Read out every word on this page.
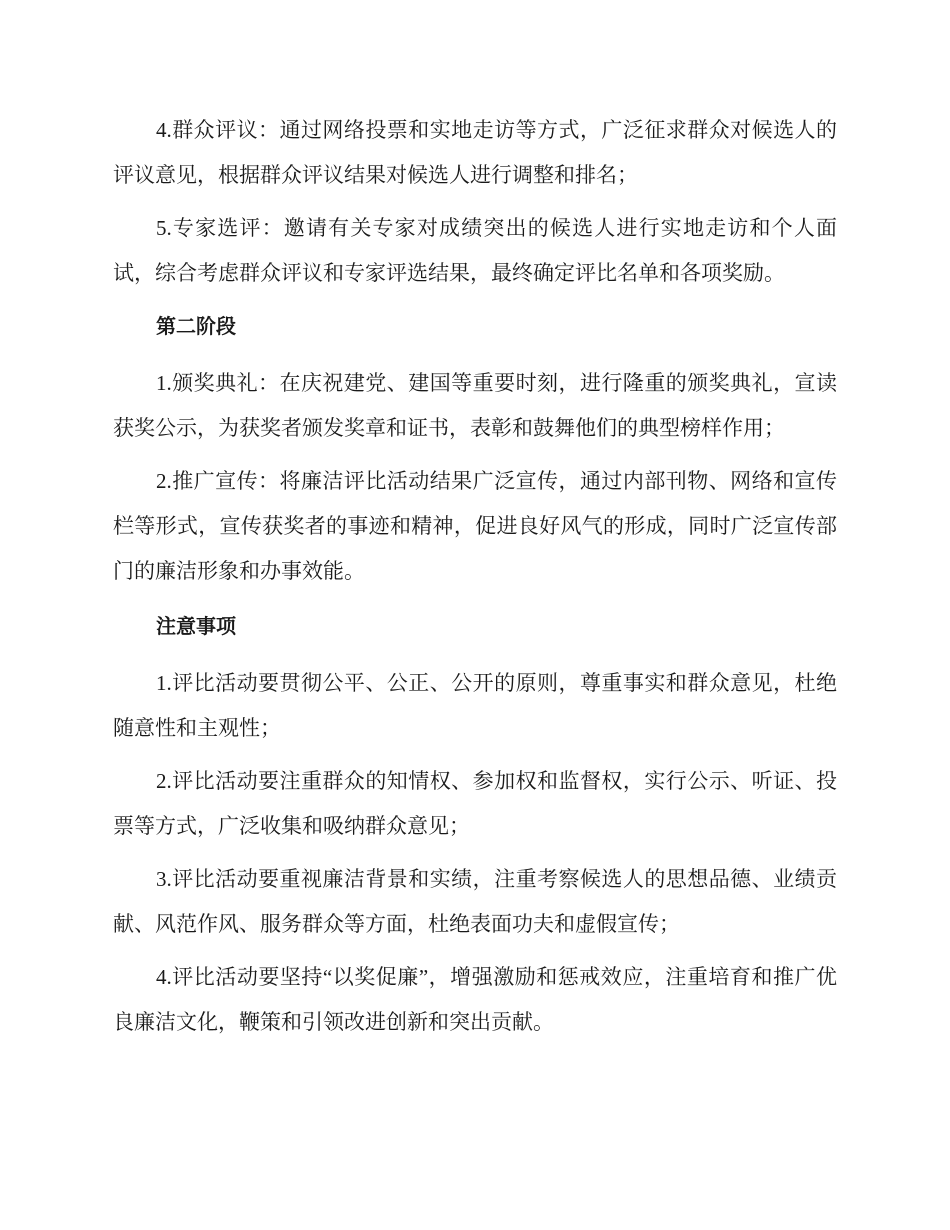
4.群众评议：通过网络投票和实地走访等方式，广泛征求群众对候选人的评议意见，根据群众评议结果对候选人进行调整和排名；

5.专家选评：邀请有关专家对成绩突出的候选人进行实地走访和个人面试，综合考虑群众评议和专家评选结果，最终确定评比名单和各项奖励。

第二阶段

1.颁奖典礼：在庆祝建党、建国等重要时刻，进行隆重的颁奖典礼，宣读获奖公示，为获奖者颁发奖章和证书，表彰和鼓舞他们的典型榜样作用；

2.推广宣传：将廉洁评比活动结果广泛宣传，通过内部刊物、网络和宣传栏等形式，宣传获奖者的事迹和精神，促进良好风气的形成，同时广泛宣传部门的廉洁形象和办事效能。

注意事项

1.评比活动要贯彻公平、公正、公开的原则，尊重事实和群众意见，杜绝随意性和主观性；

2.评比活动要注重群众的知情权、参加权和监督权，实行公示、听证、投票等方式，广泛收集和吸纳群众意见；

3.评比活动要重视廉洁背景和实绩，注重考察候选人的思想品德、业绩贡献、风范作风、服务群众等方面，杜绝表面功夫和虚假宣传；

4.评比活动要坚持“以奖促廉”，增强激励和惩戒效应，注重培育和推广优良廉洁文化，鞭策和引领改进创新和突出贡献。
